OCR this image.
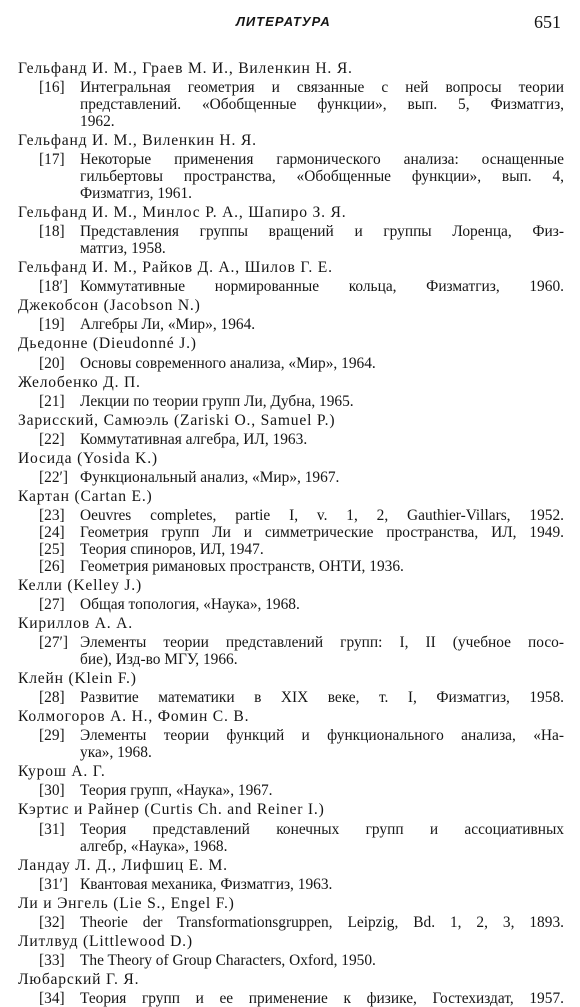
ЛИТЕРАТУРА	651
Гельфанд И. М., Граев М. И., Виленкин Н. Я.
[16] Интегральная геометрия и связанные с ней вопросы теории
представлений. «Обобщенные функции», вып. 5, Физматгиз,
1962.
Гельфанд И. М., Виленкин Н. Я.
[17] Некоторые применения гармонического анализа: оснащенные
гильбертовы пространства, «Обобщенные функции», вып. 4,
Физматгиз, 1961.
Гельфанд И. М., Минлос Р. А., Шапиро З. Я.
[18] Представления группы вращений и группы Лоренца, Физ-
матгиз, 1958.
Гельфанд И. М., Райков Д. А., Шилов Г. Е.
[18′] Коммутативные нормированные кольца, Физматгиз, 1960.
Джекобсон (Jacobson N.)
[19] Алгебры Ли, «Мир», 1964.
Дьедонне (Dieudonné J.)
[20] Основы современного анализа, «Мир», 1964.
Желобенко Д. П.
[21] Лекции по теории групп Ли, Дубна, 1965.
Зарисский, Самюэль (Zariski O., Samuel P.)
[22] Коммутативная алгебра, ИЛ, 1963.
Иосида (Yosida K.)
[22′] Функциональный анализ, «Мир», 1967.
Картан (Cartan E.)
[23] Oeuvres completes, partie I, v. 1, 2, Gauthier-Villars, 1952.
[24] Геометрия групп Ли и симметрические пространства, ИЛ, 1949.
[25] Теория спиноров, ИЛ, 1947.
[26] Геометрия римановых пространств, ОНТИ, 1936.
Келли (Kelley J.)
[27] Общая топология, «Наука», 1968.
Кириллов А. А.
[27′] Элементы теории представлений групп: I, II (учебное посо-
бие), Изд-во МГУ, 1966.
Клейн (Klein F.)
[28] Развитие математики в XIX веке, т. I, Физматгиз, 1958.
Колмогоров А. Н., Фомин С. В.
[29] Элементы теории функций и функционального анализа, «На-
ука», 1968.
Курош А. Г.
[30] Теория групп, «Наука», 1967.
Кэртис и Райнер (Curtis Ch. and Reiner I.)
[31] Теория представлений конечных групп и ассоциативных
алгебр, «Наука», 1968.
Ландау Л. Д., Лифшиц Е. М.
[31′] Квантовая механика, Физматгиз, 1963.
Ли и Энгель (Lie S., Engel F.)
[32] Theorie der Transformationsgruppen, Leipzig, Bd. 1, 2, 3, 1893.
Литлвуд (Littlewood D.)
[33] The Theory of Group Characters, Oxford, 1950.
Любарский Г. Я.
[34] Теория групп и ее применение к физике, Гостехиздат, 1957.
